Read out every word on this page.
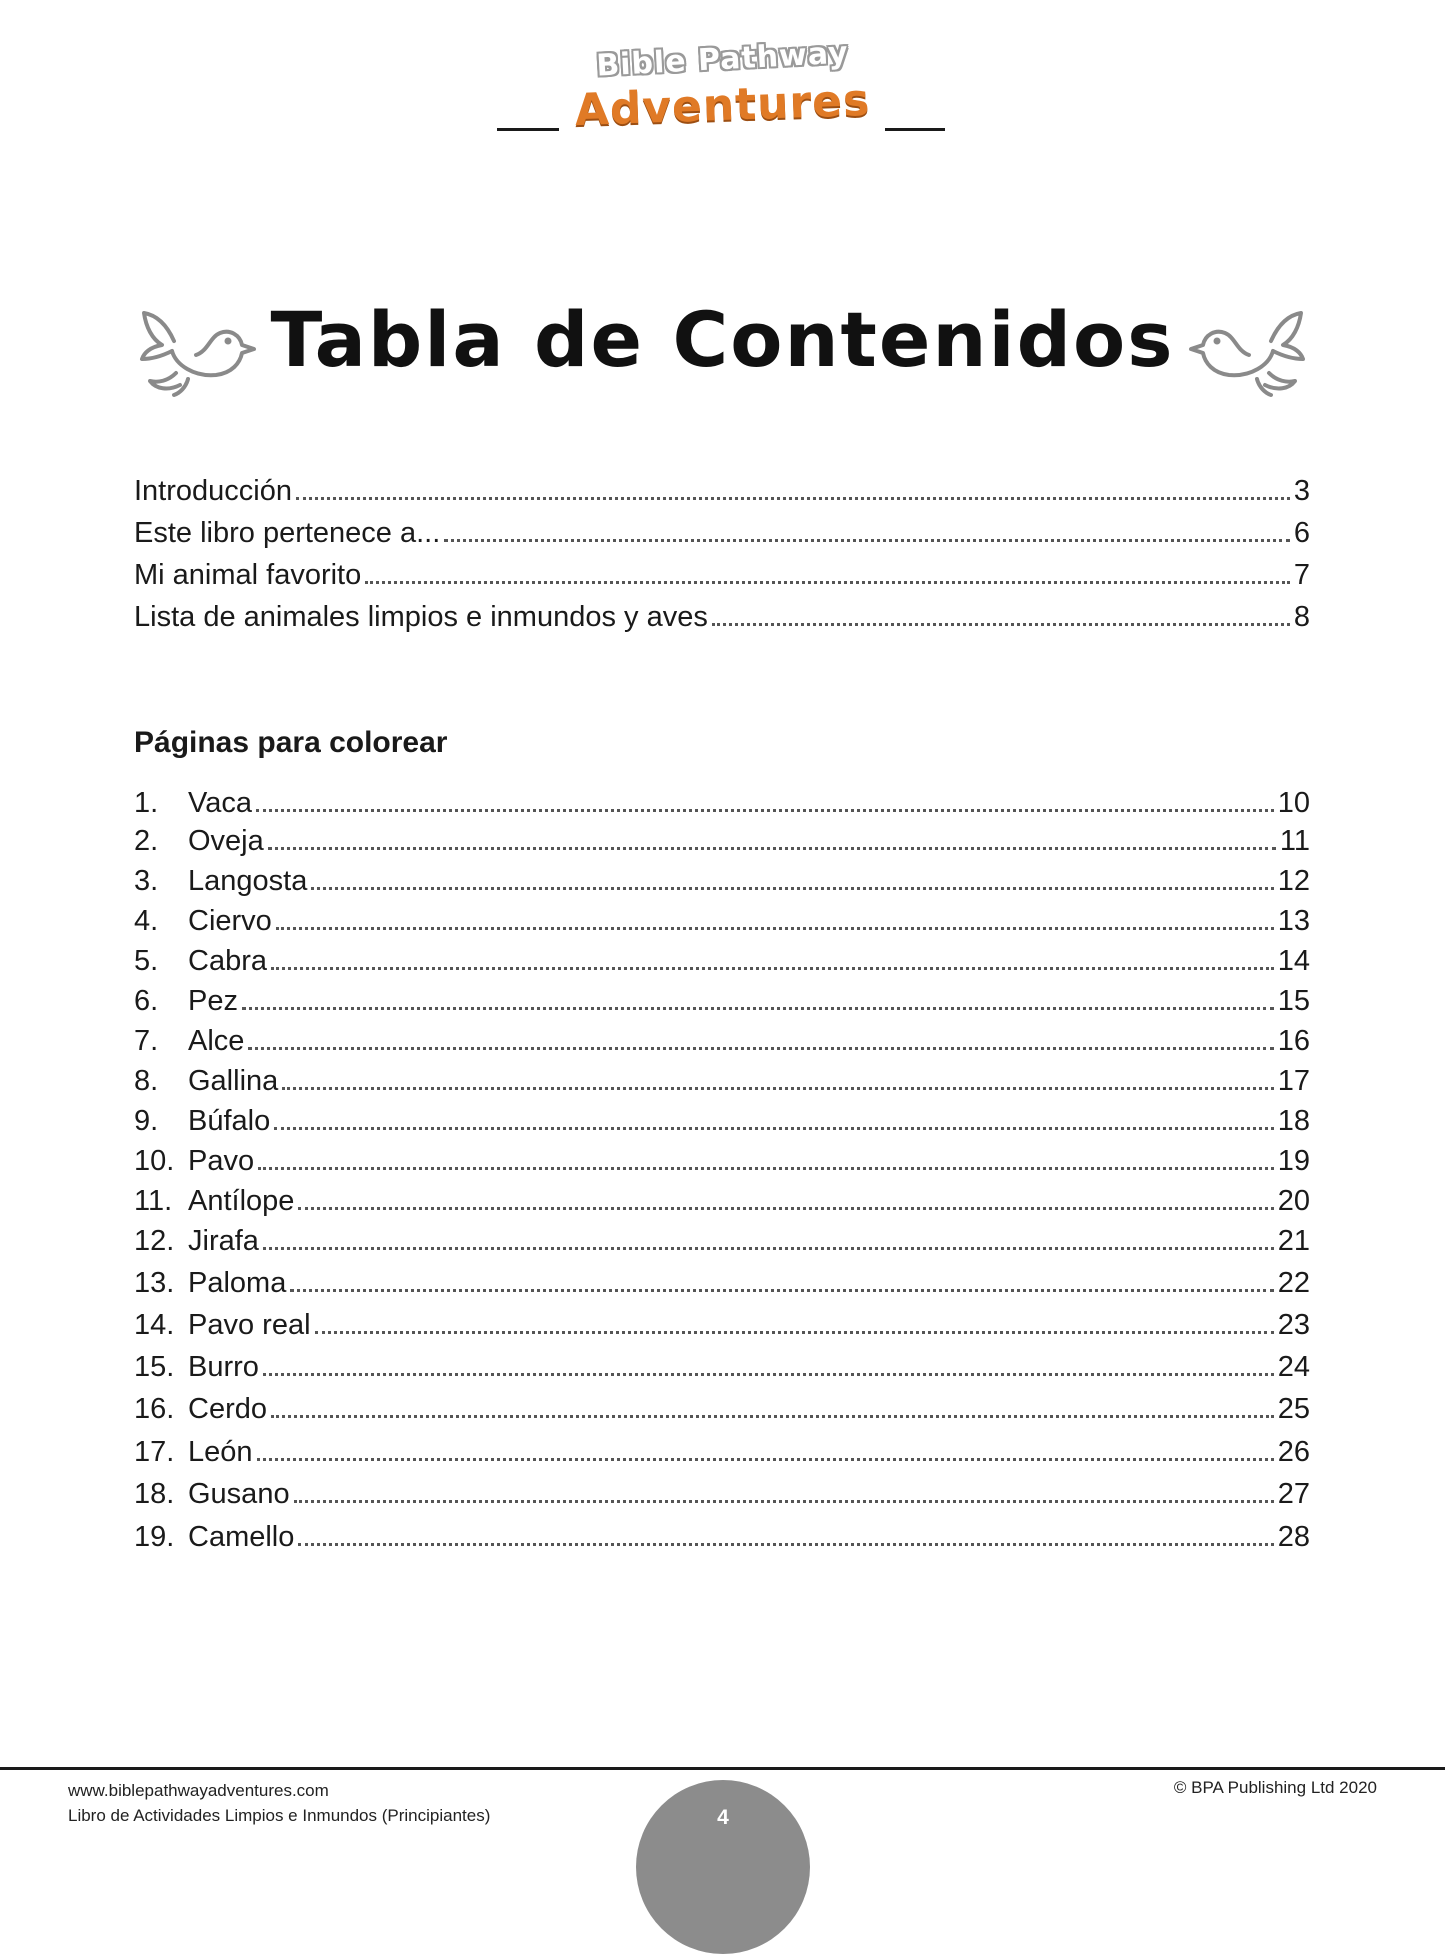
Bible Pathway
Adventures
Tabla de Contenidos
Introducción	3
Este libro pertenece a...	6
Mi animal favorito	7
Lista de animales limpios e inmundos y aves	8
Páginas para colorear
1.	Vaca	10
2.	Oveja	11
3.	Langosta	12
4.	Ciervo	13
5.	Cabra	14
6.	Pez	15
7.	Alce	16
8.	Gallina	17
9.	Búfalo	18
10. Pavo	19
11. Antílope	20
12. Jirafa	21
13. Paloma	22
14. Pavo real	23
15. Burro	24
16. Cerdo	25
17. León	26
18. Gusano	27
19. Camello	28
www.biblepathwayadventures.com
Libro de Actividades Limpios e Inmundos (Principiantes)
© BPA Publishing Ltd 2020
4
